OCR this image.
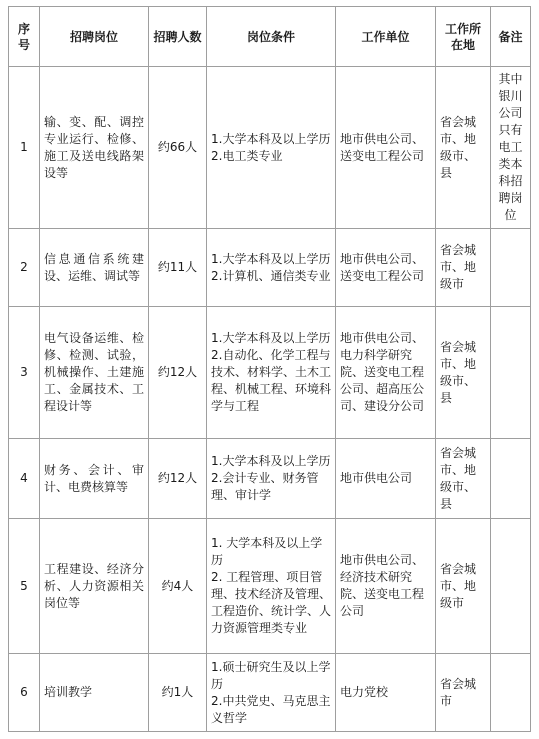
序号	招聘岗位	招聘人数	岗位条件	工作单位	工作所在地	备注
1	输、变、配、调控专业运行、检修、施工及送电线路架设等	约66人	1.大学本科及以上学历
2.电工类专业	地市供电公司、送变电工程公司	省会城市、地级市、县	其中银川公司只有电工类本科招聘岗位
2	信息通信系统建设、运维、调试等	约11人	1.大学本科及以上学历
2.计算机、通信类专业	地市供电公司、送变电工程公司	省会城市、地级市	
3	电气设备运维、检修、检测、试验，机械操作、土建施工、金属技术、工程设计等	约12人	1.大学本科及以上学历
2.自动化、化学工程与技术、材料学、土木工程、机械工程、环境科学与工程	地市供电公司、电力科学研究院、送变电工程公司、超高压公司、建设分公司	省会城市、地级市、县	
4	财务、会计、审计、电费核算等	约12人	1.大学本科及以上学历
2.会计专业、财务管理、审计学	地市供电公司	省会城市、地级市、县	
5	工程建设、经济分析、人力资源相关岗位等	约4人	1. 大学本科及以上学历
2. 工程管理、项目管理、技术经济及管理、工程造价、统计学、人力资源管理类专业	地市供电公司、经济技术研究院、送变电工程公司	省会城市、地级市	
6	培训教学	约1人	1.硕士研究生及以上学历
2.中共党史、马克思主义哲学	电力党校	省会城市	
